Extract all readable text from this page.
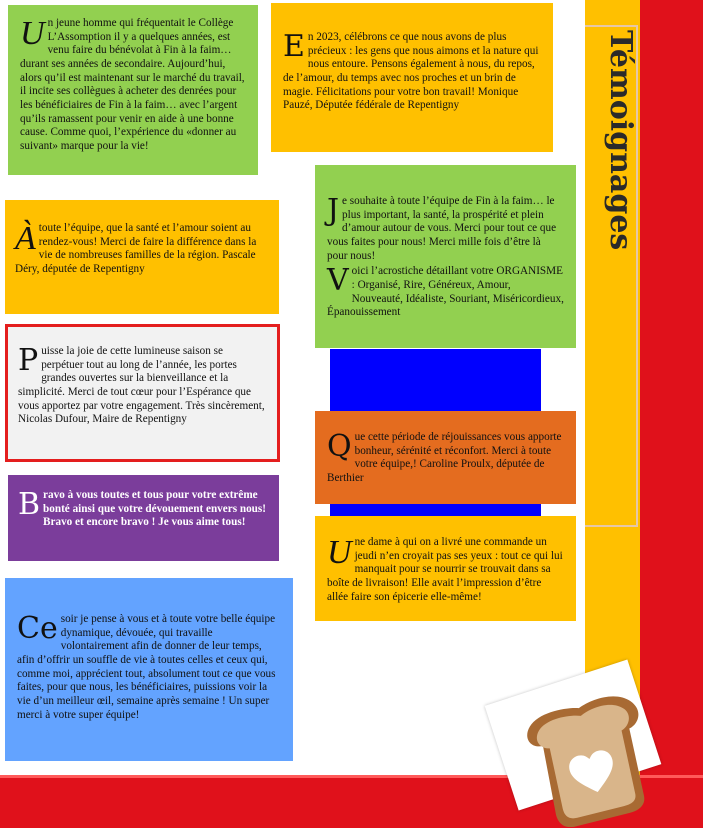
Témoignages
U n jeune homme qui fréquentait le Collège L’Assomption il y a quelques années, est venu faire du bénévolat à Fin à la faim… durant ses années de secondaire. Aujourd’hui, alors qu’il est maintenant sur le marché du travail, il incite ses collègues à acheter des denrées pour les bénéficiaires de Fin à la faim… avec l’argent qu’ils ramassent pour venir en aide à une bonne cause. Comme quoi, l’expérience du «donner au suivant» marque pour la vie!

E n 2023, célébrons ce que nous avons de plus précieux : les gens que nous aimons et la nature qui nous entoure. Pensons également à nous, du repos, de l’amour, du temps avec nos proches et un brin de magie. Félicitations pour votre bon travail! Monique Pauzé, Députée fédérale de Repentigny

À toute l’équipe, que la santé et l’amour soient au rendez-vous! Merci de faire la différence dans la vie de nombreuses familles de la région. Pascale Déry, députée de Repentigny

P uisse la joie de cette lumineuse saison se perpétuer tout au long de l’année, les portes grandes ouvertes sur la bienveillance et la simplicité. Merci de tout cœur pour l’Espérance que vous apportez par votre engagement. Très sincèrement, Nicolas Dufour, Maire de Repentigny

B ravo à vous toutes et tous pour votre extrême bonté ainsi que votre dévouement envers nous! Bravo et encore bravo ! Je vous aime tous!

Ce soir je pense à vous et à toute votre belle équipe dynamique, dévouée, qui travaille volontairement afin de donner de leur temps, afin d’offrir un souffle de vie à toutes celles et ceux qui, comme moi, apprécient tout, absolument tout ce que vous faites, pour que nous, les bénéficiaires, puissions voir la vie d’un meilleur œil, semaine après semaine ! Un super merci à votre super équipe!

J e souhaite à toute l’équipe de Fin à la faim… le plus important, la santé, la prospérité et plein d’amour autour de vous. Merci pour tout ce que vous faites pour nous! Merci mille fois d’être là pour nous!

V oici l’acrostiche détaillant votre ORGANISME : Organisé, Rire, Généreux, Amour, Nouveauté, Idéaliste, Souriant, Miséricordieux, Épanouissement

Q ue cette période de réjouissances vous apporte bonheur, sérénité et réconfort. Merci à toute votre équipe,! Caroline Proulx, députée de Berthier

U ne dame à qui on a livré une commande un jeudi n’en croyait pas ses yeux : tout ce qui lui manquait pour se nourrir se trouvait dans sa boîte de livraison! Elle avait l’impression d’être allée faire son épicerie elle-même!
